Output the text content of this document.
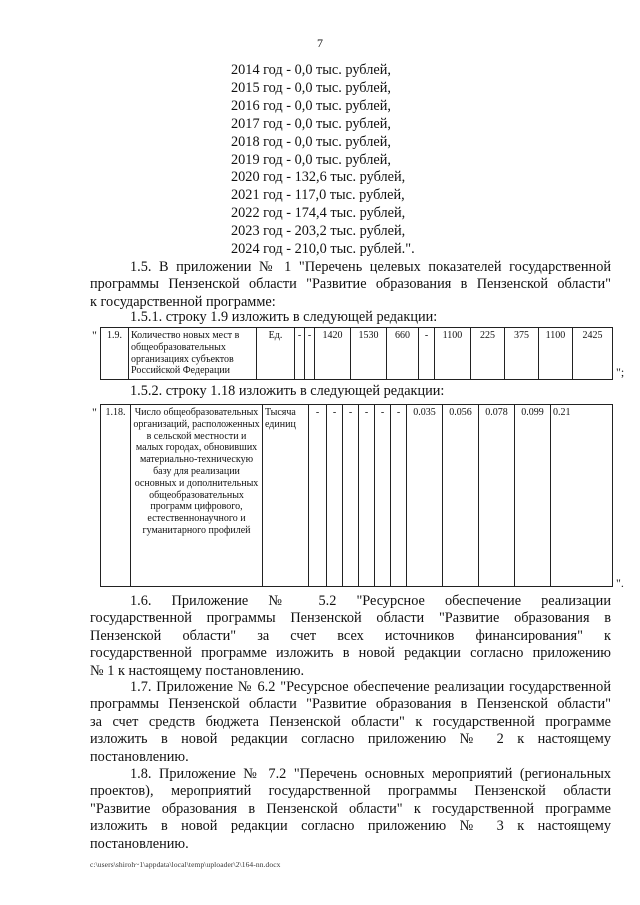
7
2014 год - 0,0 тыс. рублей,
2015 год - 0,0 тыс. рублей,
2016 год - 0,0 тыс. рублей,
2017 год - 0,0 тыс. рублей,
2018 год - 0,0 тыс. рублей,
2019 год - 0,0 тыс. рублей,
2020 год - 132,6 тыс. рублей,
2021 год - 117,0 тыс. рублей,
2022 год - 174,4 тыс. рублей,
2023 год - 203,2 тыс. рублей,
2024 год - 210,0 тыс. рублей.".
1.5. В приложении № 1 "Перечень целевых показателей государственной
программы Пензенской области "Развитие образования в Пензенской области"
к государственной программе:
1.5.1. строку 1.9 изложить в следующей редакции:
" 1.9.	Количество новых мест в общеобразовательных организациях субъектов Российской Федерации	Ед.	-	-	1420	1530	660	-	1100	225	375	1100	2425
";
1.5.2. строку 1.18 изложить в следующей редакции:
" 1.18.	Число общеобразовательных организаций, расположенных в сельской местности и малых городах, обновивших материально-техническую базу для реализации основных и дополнительных общеобразовательных программ цифрового, естественнонаучного и гуманитарного профилей	Тысяча единиц	-	-	-	-	-	-	0.035	0.056	0.078	0.099	0.21
".
1.6. Приложение № 5.2 "Ресурсное обеспечение реализации
государственной программы Пензенской области "Развитие образования в
Пензенской области" за счет всех источников финансирования" к
государственной программе изложить в новой редакции согласно приложению
№ 1 к настоящему постановлению.
1.7. Приложение № 6.2 "Ресурсное обеспечение реализации государственной
программы Пензенской области "Развитие образования в Пензенской области"
за счет средств бюджета Пензенской области" к государственной программе
изложить в новой редакции согласно приложению № 2 к настоящему
постановлению.
1.8. Приложение № 7.2 "Перечень основных мероприятий (региональных
проектов), мероприятий государственной программы Пензенской области
"Развитие образования в Пензенской области" к государственной программе
изложить в новой редакции согласно приложению № 3 к настоящему
постановлению.
c:\users\shiroh~1\appdata\local\temp\uploader\2\164-nn.docx
